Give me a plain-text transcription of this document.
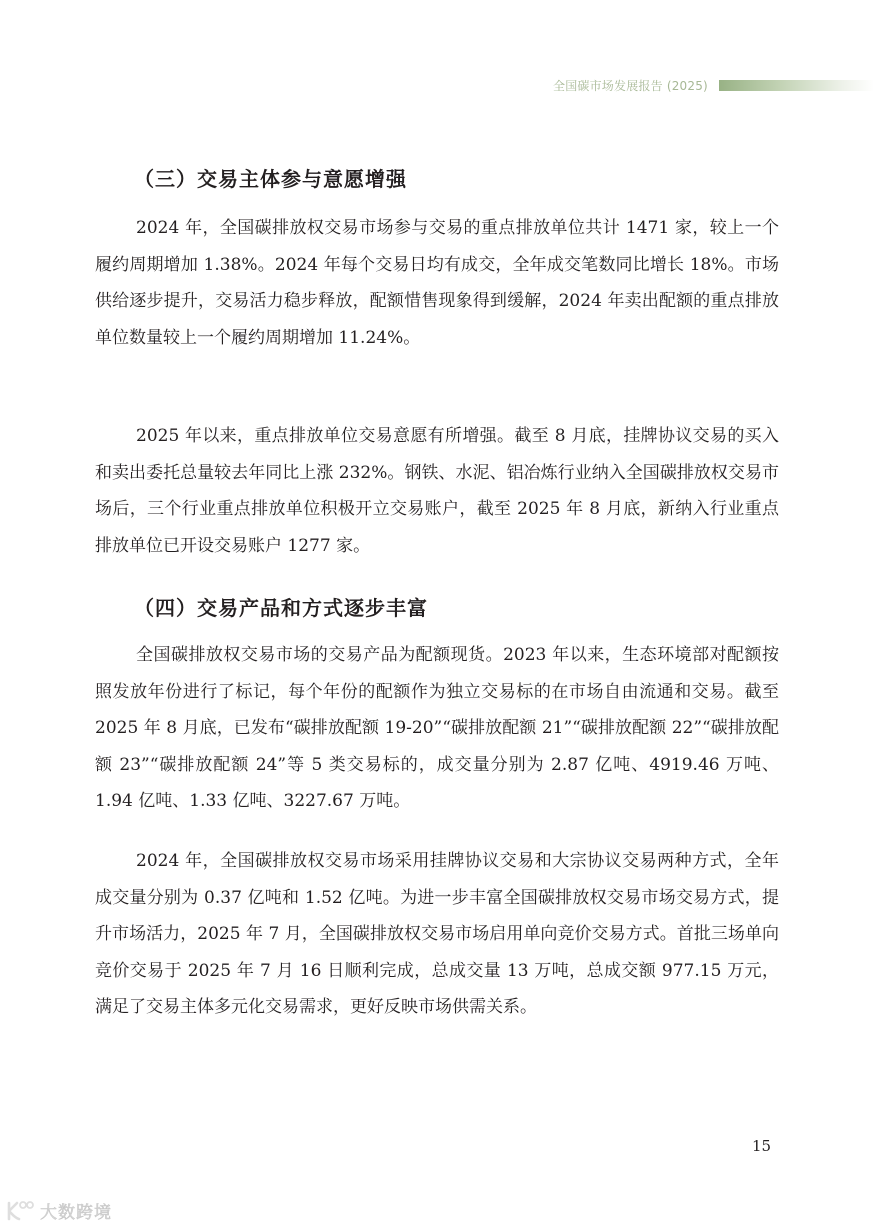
全国碳市场发展报告 (2025)
（三）交易主体参与意愿增强

2024 年，全国碳排放权交易市场参与交易的重点排放单位共计 1471 家，较上一个履约周期增加 1.38%。2024 年每个交易日均有成交，全年成交笔数同比增长 18%。市场供给逐步提升，交易活力稳步释放，配额惜售现象得到缓解，2024 年卖出配额的重点排放单位数量较上一个履约周期增加 11.24%。

2025 年以来，重点排放单位交易意愿有所增强。截至 8 月底，挂牌协议交易的买入和卖出委托总量较去年同比上涨 232%。钢铁、水泥、铝冶炼行业纳入全国碳排放权交易市场后，三个行业重点排放单位积极开立交易账户，截至 2025 年 8 月底，新纳入行业重点排放单位已开设交易账户 1277 家。

（四）交易产品和方式逐步丰富

全国碳排放权交易市场的交易产品为配额现货。2023 年以来，生态环境部对配额按照发放年份进行了标记，每个年份的配额作为独立交易标的在市场自由流通和交易。截至 2025 年 8 月底，已发布“碳排放配额 19-20”“碳排放配额 21”“碳排放配额 22”“碳排放配额 23”“碳排放配额 24”等 5 类交易标的，成交量分别为 2.87 亿吨、4919.46 万吨、1.94 亿吨、1.33 亿吨、3227.67 万吨。

2024 年，全国碳排放权交易市场采用挂牌协议交易和大宗协议交易两种方式，全年成交量分别为 0.37 亿吨和 1.52 亿吨。为进一步丰富全国碳排放权交易市场交易方式，提升市场活力，2025 年 7 月，全国碳排放权交易市场启用单向竞价交易方式。首批三场单向竞价交易于 2025 年 7 月 16 日顺利完成，总成交量 13 万吨，总成交额 977.15 万元，满足了交易主体多元化交易需求，更好反映市场供需关系。

15
大数跨境
